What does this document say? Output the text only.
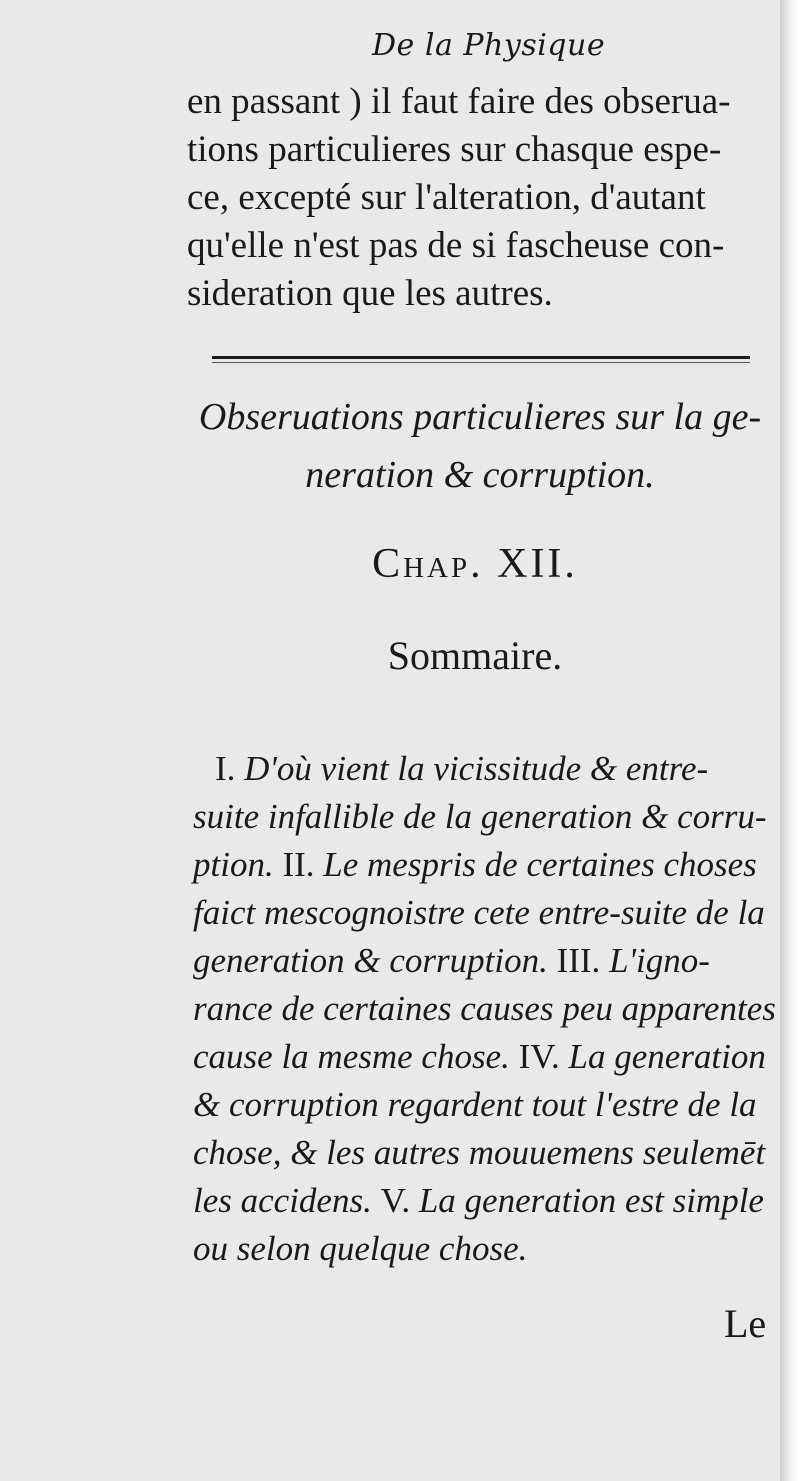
De la Physique
en passant ) il faut faire des obserua-
tions particulieres sur chasque espe-
ce, excepté sur l'alteration, d'autant
qu'elle n'est pas de si fascheuse con-
sideration que les autres.
Obseruations particulieres sur la ge-
neration & corruption.
Chap. XII.
Sommaire.
I. D'où vient la vicissitude & entre-
suite infallible de la generation & corru-
ption. II. Le mespris de certaines choses
faict mescognoistre cete entre-suite de la
generation & corruption. III. L'igno-
rance de certaines causes peu apparentes
cause la mesme chose. IV. La generation
& corruption regardent tout l'estre de la
chose, & les autres mouuemens seulemēt
les accidens. V. La generation est simple
ou selon quelque chose.
Le
